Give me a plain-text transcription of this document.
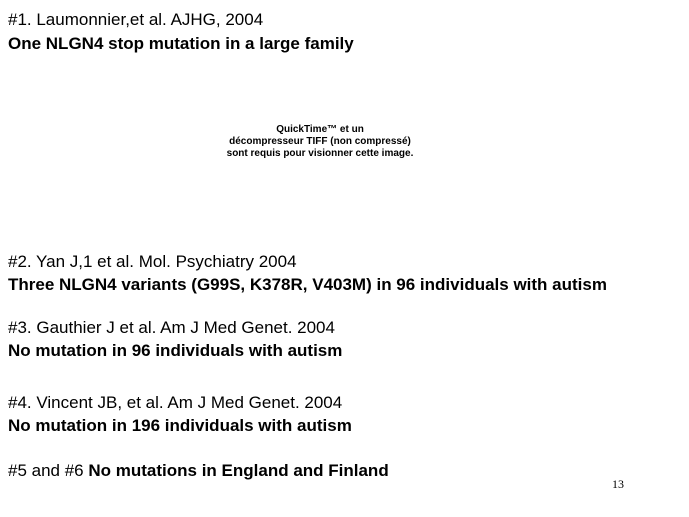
#1. Laumonnier,et al. AJHG, 2004
One NLGN4 stop mutation in a large family
QuickTime™ et un
décompresseur TIFF (non compressé)
sont requis pour visionner cette image.
#2. Yan J,1 et al. Mol. Psychiatry 2004
Three NLGN4 variants (G99S, K378R, V403M) in 96 individuals with autism
#3. Gauthier J et al. Am J Med Genet. 2004
No mutation in 96 individuals with autism
#4. Vincent JB, et al. Am J Med Genet. 2004
No mutation in 196 individuals with autism
#5 and #6 No mutations in England and Finland
13
